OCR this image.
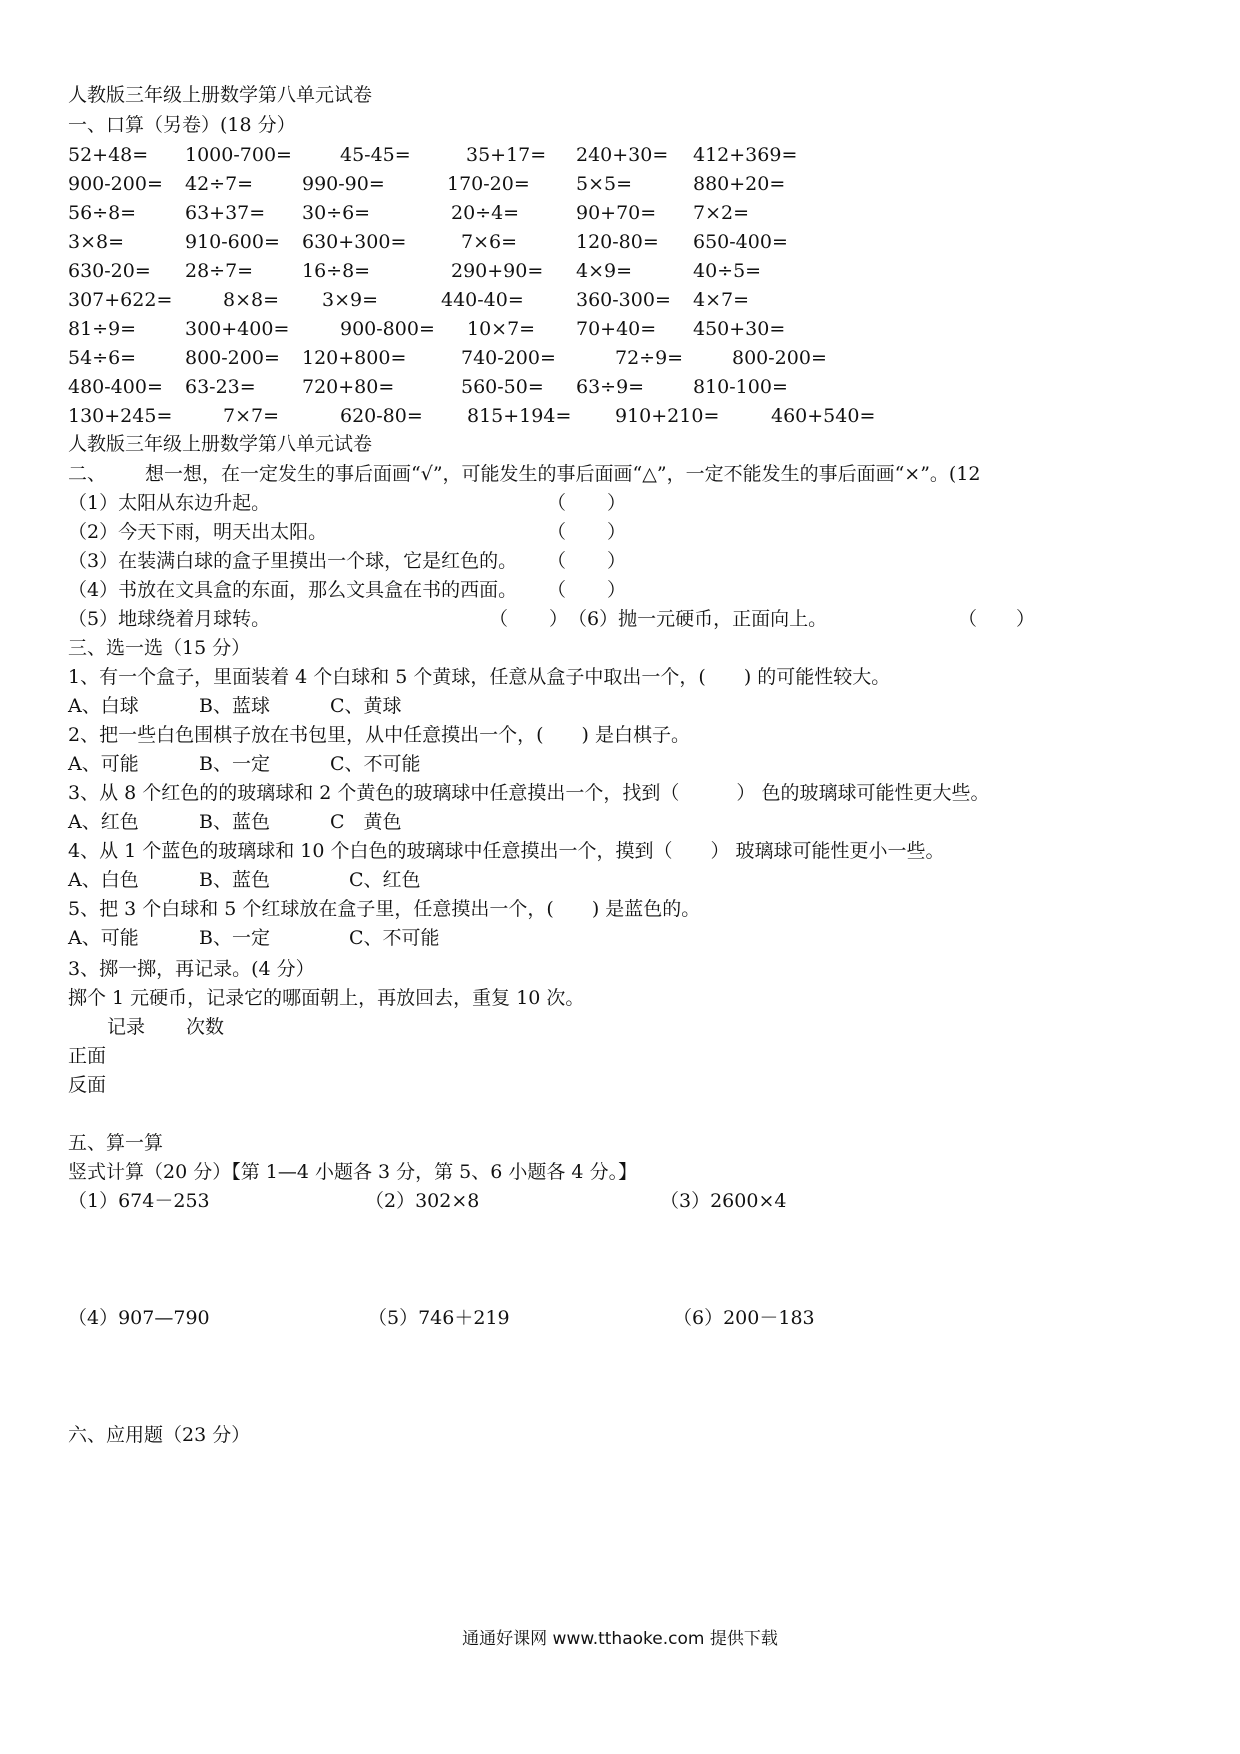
人教版三年级上册数学第八单元试卷
一、口算（另卷）(18 分）
52+48= 1000-700=	45-45=	35+17= 240+30= 412+369=
900-200= 42÷7=	990-90=	170-20= 5×5=	880+20=
56÷8=	63+37= 30÷6=	20÷4=	90+70= 7×2=
3×8=	910-600= 630+300=	7×6=	120-80= 650-400=
630-20= 28÷7=	16÷8=	290+90= 4×9=	40÷5=
307+622=	8×8= 3×9=	440-40=	360-300= 4×7=
81÷9=	300+400=	900-800= 10×7= 70+40= 450+30=
54÷6=	800-200= 120+800=	740-200=	72÷9=	800-200=
480-400= 63-23= 720+80=	560-50= 63÷9=	810-100=
130+245=	7×7=	620-80= 815+194= 910+210=	460+540=
人教版三年级上册数学第八单元试卷
二、 想一想，在一定发生的事后面画“√”，可能发生的事后面画“△”，一定不能发生的事后面画“×”。(12
（1）太阳从东边升起。	（ ）
（2）今天下雨，明天出太阳。	（ ）
（3）在装满白球的盒子里摸出一个球，它是红色的。 （ ）
（4）书放在文具盒的东面，那么文具盒在书的西面。 （ ）
（5）地球绕着月球转。	（ ）	（ ）
（6）抛一元硬币，正面向上。
三、选一选（15 分）
1、有一个盒子，里面装着 4 个白球和 5 个黄球，任意从盒子中取出一个，(　　) 的可能性较大。
A、白球	B、蓝球	C、黄球
2、把一些白色围棋子放在书包里，从中任意摸出一个，(　　) 是白棋子。
A、可能	B、一定	C、不可能
3、从 8 个红色的的玻璃球和 2 个黄色的玻璃球中任意摸出一个，找到（　　　） 色的玻璃球可能性更大些。
A、红色	B、蓝色	C　黄色
4、从 1 个蓝色的玻璃球和 10 个白色的玻璃球中任意摸出一个，摸到（　　） 玻璃球可能性更小一些。
A、白色	B、蓝色	C、红色
5、把 3 个白球和 5 个红球放在盒子里，任意摸出一个，(　　) 是蓝色的。
A、可能	B、一定	C、不可能
3、掷一掷，再记录。(4 分）
掷个 1 元硬币，记录它的哪面朝上，再放回去，重复 10 次。
记录 次数
正面
反面
五、算一算
竖式计算（20 分）【第 1—4 小题各 3 分，第 5、6 小题各 4 分。】
（1）674－253	（2）302×8	（3）2600×4
（4）907—790	（5）746＋219	（6）200－183
六、应用题（23 分）
通通好课网 www.tthaoke.com 提供下载
